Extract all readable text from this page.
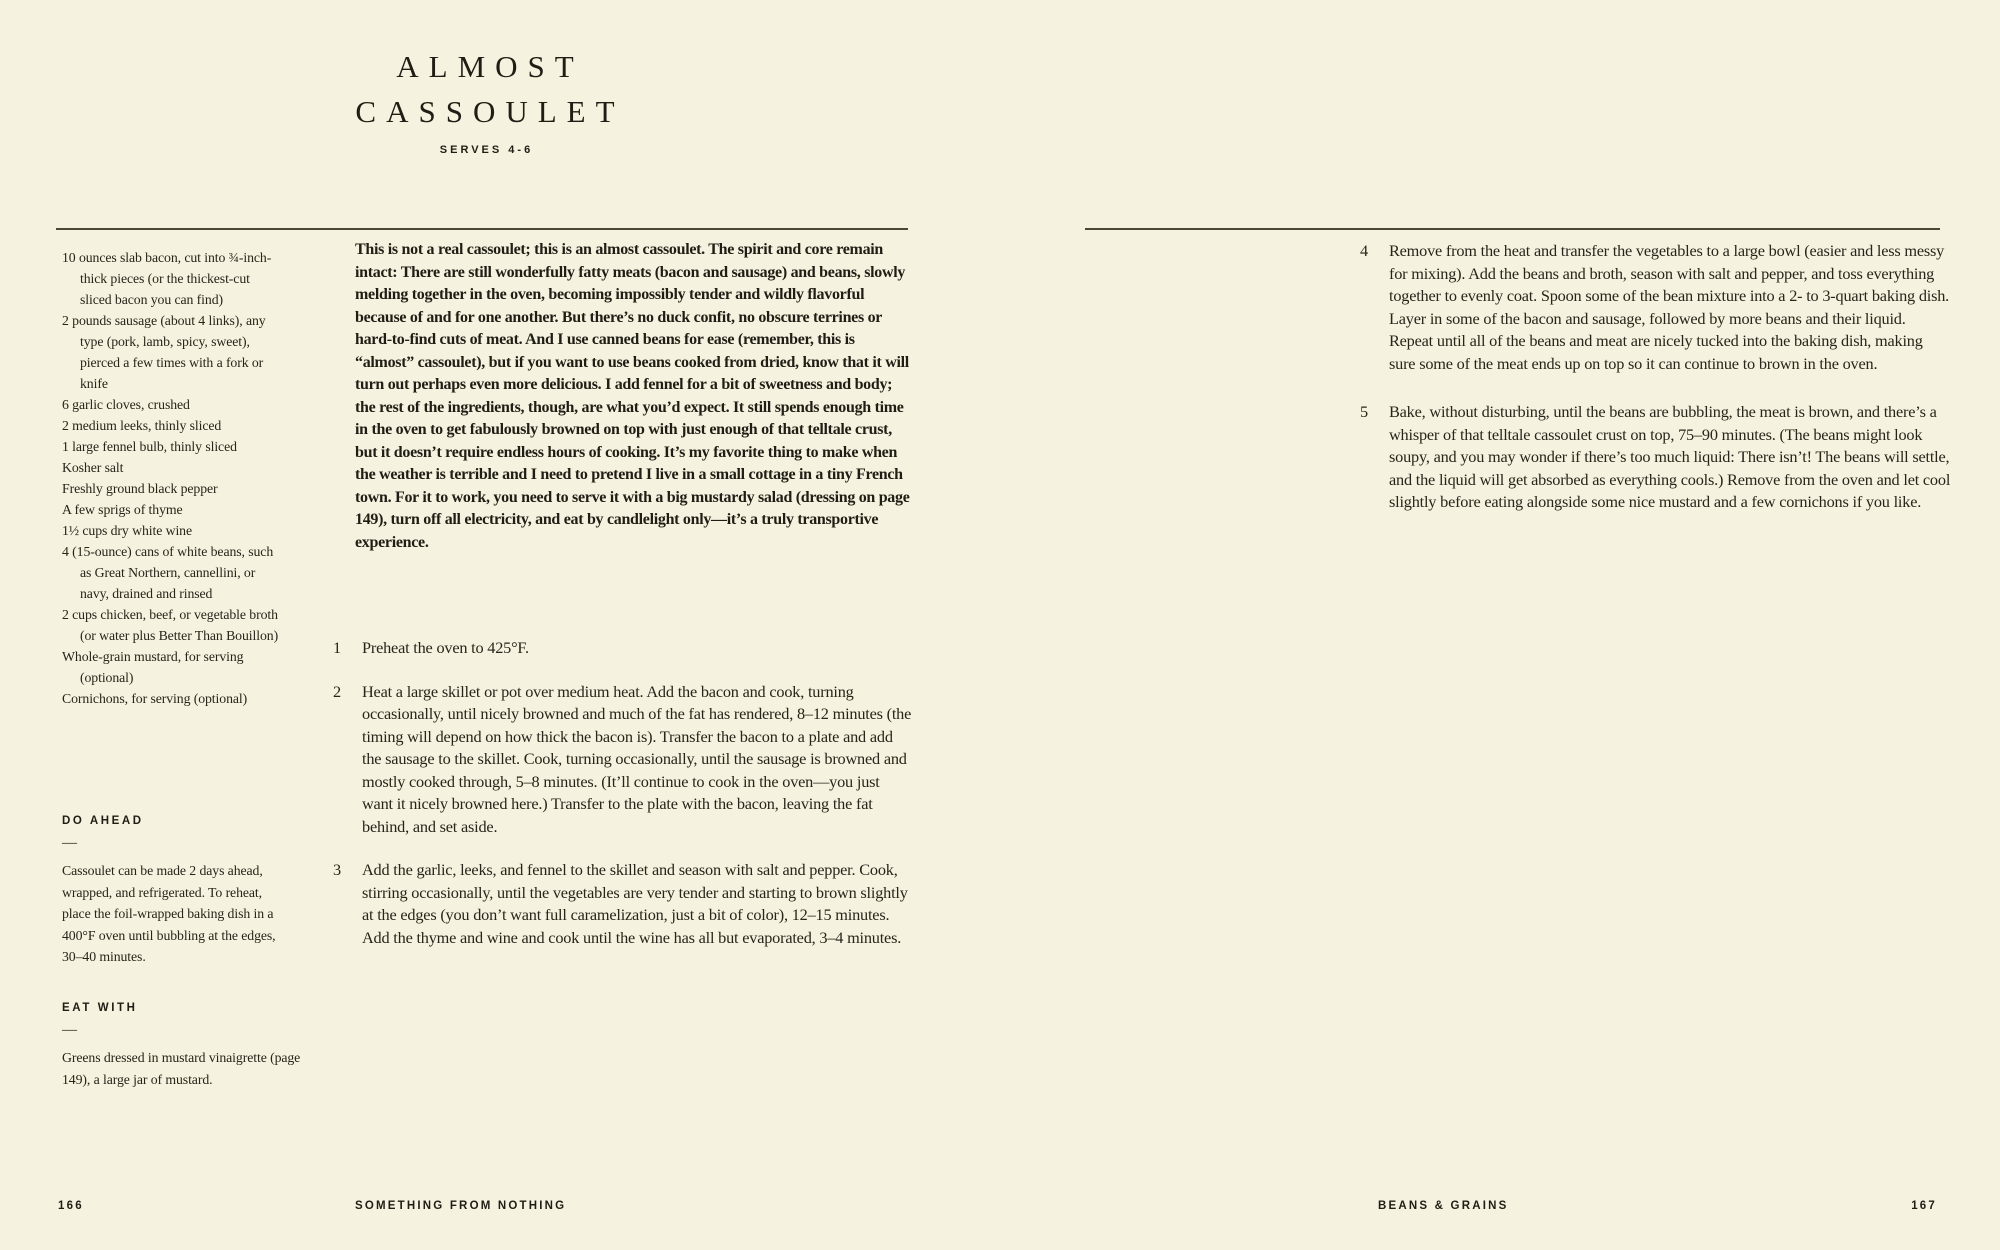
ALMOST
CASSOULET
SERVES 4-6
10 ounces slab bacon, cut into ¾-inch-thick pieces (or the thickest-cut sliced bacon you can find)
2 pounds sausage (about 4 links), any type (pork, lamb, spicy, sweet), pierced a few times with a fork or knife
6 garlic cloves, crushed
2 medium leeks, thinly sliced
1 large fennel bulb, thinly sliced
Kosher salt
Freshly ground black pepper
A few sprigs of thyme
1½ cups dry white wine
4 (15-ounce) cans of white beans, such as Great Northern, cannellini, or navy, drained and rinsed
2 cups chicken, beef, or vegetable broth (or water plus Better Than Bouillon)
Whole-grain mustard, for serving (optional)
Cornichons, for serving (optional)
DO AHEAD
—
Cassoulet can be made 2 days ahead, wrapped, and refrigerated. To reheat, place the foil-wrapped baking dish in a 400°F oven until bubbling at the edges, 30–40 minutes.
EAT WITH
—
Greens dressed in mustard vinaigrette (page 149), a large jar of mustard.
This is not a real cassoulet; this is an almost cassoulet. The spirit and core remain intact: There are still wonderfully fatty meats (bacon and sausage) and beans, slowly melding together in the oven, becoming impossibly tender and wildly flavorful because of and for one another. But there’s no duck confit, no obscure terrines or hard-to-find cuts of meat. And I use canned beans for ease (remember, this is “almost” cassoulet), but if you want to use beans cooked from dried, know that it will turn out perhaps even more delicious. I add fennel for a bit of sweetness and body; the rest of the ingredients, though, are what you’d expect. It still spends enough time in the oven to get fabulously browned on top with just enough of that telltale crust, but it doesn’t require endless hours of cooking. It’s my favorite thing to make when the weather is terrible and I need to pretend I live in a small cottage in a tiny French town. For it to work, you need to serve it with a big mustardy salad (dressing on page 149), turn off all electricity, and eat by candlelight only—it’s a truly transportive experience.
1	Preheat the oven to 425°F.
2	Heat a large skillet or pot over medium heat. Add the bacon and cook, turning occasionally, until nicely browned and much of the fat has rendered, 8–12 minutes (the timing will depend on how thick the bacon is). Transfer the bacon to a plate and add the sausage to the skillet. Cook, turning occasionally, until the sausage is browned and mostly cooked through, 5–8 minutes. (It’ll continue to cook in the oven—you just want it nicely browned here.) Transfer to the plate with the bacon, leaving the fat behind, and set aside.
3	Add the garlic, leeks, and fennel to the skillet and season with salt and pepper. Cook, stirring occasionally, until the vegetables are very tender and starting to brown slightly at the edges (you don’t want full caramelization, just a bit of color), 12–15 minutes. Add the thyme and wine and cook until the wine has all but evaporated, 3–4 minutes.
4	Remove from the heat and transfer the vegetables to a large bowl (easier and less messy for mixing). Add the beans and broth, season with salt and pepper, and toss everything together to evenly coat. Spoon some of the bean mixture into a 2- to 3-quart baking dish. Layer in some of the bacon and sausage, followed by more beans and their liquid. Repeat until all of the beans and meat are nicely tucked into the baking dish, making sure some of the meat ends up on top so it can continue to brown in the oven.
5	Bake, without disturbing, until the beans are bubbling, the meat is brown, and there’s a whisper of that telltale cassoulet crust on top, 75–90 minutes. (The beans might look soupy, and you may wonder if there’s too much liquid: There isn’t! The beans will settle, and the liquid will get absorbed as everything cools.) Remove from the oven and let cool slightly before eating alongside some nice mustard and a few cornichons if you like.
166	SOMETHING FROM NOTHING	BEANS & GRAINS	167
